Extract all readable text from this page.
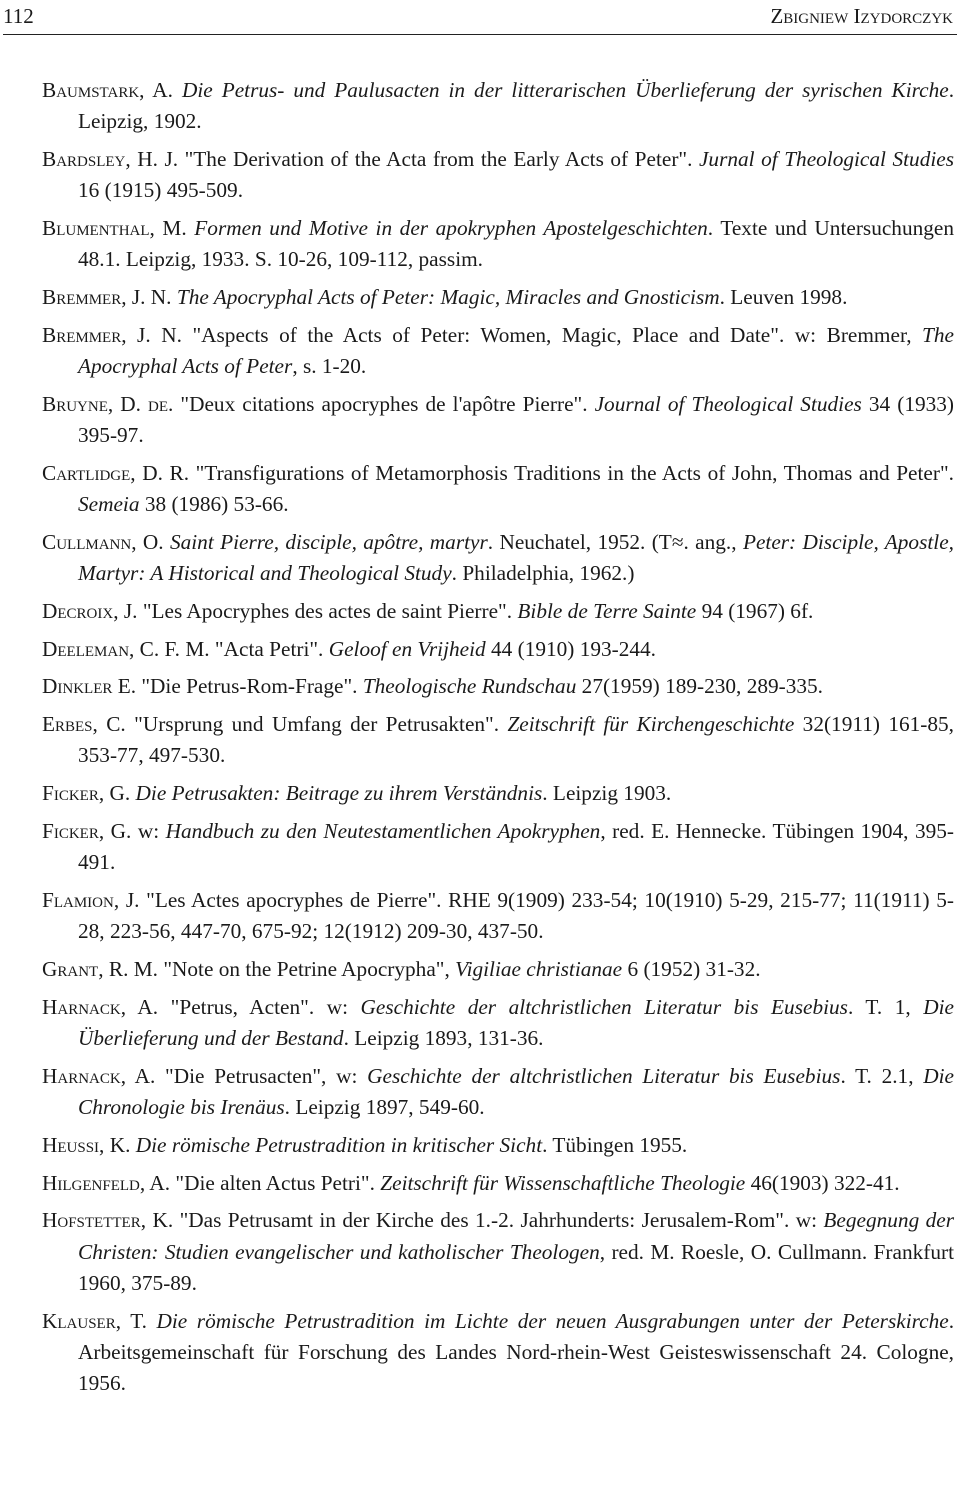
112	Zbigniew Izydorczyk

Baumstark, A. Die Petrus- und Paulusacten in der litterarischen Überlieferung der syrischen Kirche. Leipzig, 1902.

Bardsley, H. J. "The Derivation of the Acta from the Early Acts of Peter". Jurnal of Theological Studies 16 (1915) 495-509.

Blumenthal, M. Formen und Motive in der apokryphen Apostelgeschichten. Texte und Untersuchungen 48.1. Leipzig, 1933. S. 10-26, 109-112, passim.

Bremmer, J. N. The Apocryphal Acts of Peter: Magic, Miracles and Gnosticism. Leuven 1998.

Bremmer, J. N. "Aspects of the Acts of Peter: Women, Magic, Place and Date". w: Bremmer, The Apocryphal Acts of Peter, s. 1-20.

Bruyne, D. de. "Deux citations apocryphes de l'apôtre Pierre". Journal of Theological Studies 34 (1933) 395-97.

Cartlidge, D. R. "Transfigurations of Metamorphosis Traditions in the Acts of John, Thomas and Peter". Semeia 38 (1986) 53-66.

Cullmann, O. Saint Pierre, disciple, apôtre, martyr. Neuchatel, 1952. (T≈. ang., Peter: Disciple, Apostle, Martyr: A Historical and Theological Study. Philadelphia, 1962.)

Decroix, J. "Les Apocryphes des actes de saint Pierre". Bible de Terre Sainte 94 (1967) 6f.

Deeleman, C. F. M. "Acta Petri". Geloof en Vrijheid 44 (1910) 193-244.

Dinkler E. "Die Petrus-Rom-Frage". Theologische Rundschau 27(1959) 189-230, 289-335.

Erbes, C. "Ursprung und Umfang der Petrusakten". Zeitschrift für Kirchengeschichte 32(1911) 161-85, 353-77, 497-530.

Ficker, G. Die Petrusakten: Beitrage zu ihrem Verständnis. Leipzig 1903.

Ficker, G. w: Handbuch zu den Neutestamentlichen Apokryphen, red. E. Hennecke. Tübingen 1904, 395-491.

Flamion, J. "Les Actes apocryphes de Pierre". RHE 9(1909) 233-54; 10(1910) 5-29, 215-77; 11(1911) 5-28, 223-56, 447-70, 675-92; 12(1912) 209-30, 437-50.

Grant, R. M. "Note on the Petrine Apocrypha", Vigiliae christianae 6 (1952) 31-32.

Harnack, A. "Petrus, Acten". w: Geschichte der altchristlichen Literatur bis Eusebius. T. 1, Die Überlieferung und der Bestand. Leipzig 1893, 131-36.

Harnack, A. "Die Petrusacten", w: Geschichte der altchristlichen Literatur bis Eusebius. T. 2.1, Die Chronologie bis Irenäus. Leipzig 1897, 549-60.

Heussi, K. Die römische Petrustradition in kritischer Sicht. Tübingen 1955.

Hilgenfeld, A. "Die alten Actus Petri". Zeitschrift für Wissenschaftliche Theologie 46(1903) 322-41.

Hofstetter, K. "Das Petrusamt in der Kirche des 1.-2. Jahrhunderts: Jerusalem-Rom". w: Begegnung der Christen: Studien evangelischer und katholischer Theologen, red. M. Roesle, O. Cullmann. Frankfurt 1960, 375-89.

Klauser, T. Die römische Petrustradition im Lichte der neuen Ausgrabungen unter der Peterskirche. Arbeitsgemeinschaft für Forschung des Landes Nord-rhein-West Geisteswissenschaft 24. Cologne, 1956.
